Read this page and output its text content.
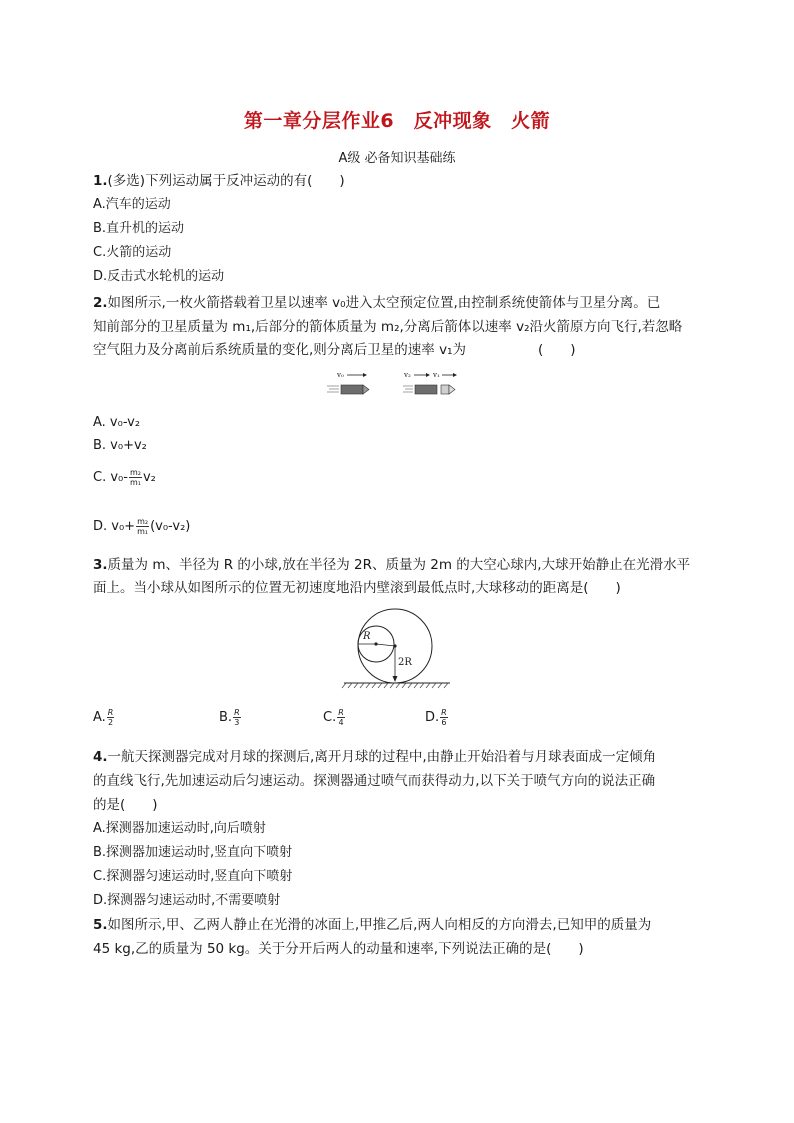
第一章分层作业6　反冲现象　火箭
A级 必备知识基础练
1.(多选)下列运动属于反冲运动的有(　　)
A.汽车的运动
B.直升机的运动
C.火箭的运动
D.反击式水轮机的运动
2.如图所示,一枚火箭搭载着卫星以速率 v₀进入太空预定位置,由控制系统使箭体与卫星分离。已
知前部分的卫星质量为 m₁,后部分的箭体质量为 m₂,分离后箭体以速率 v₂沿火箭原方向飞行,若忽略
空气阻力及分离前后系统质量的变化,则分离后卫星的速率 v₁为	(　　)
v₀	v₂	v₁
A. v₀-v₂
B. v₀+v₂
C. $v_0- \frac{\text{m₂}}{\text{m₁}} v_2$
D. $v_0+ \frac{\text{m₂}}{\text{m₁}} (v_0-v_2)$
3.质量为 m、半径为 R 的小球,放在半径为 2R、质量为 2m 的大空心球内,大球开始静止在光滑水平
面上。当小球从如图所示的位置无初速度地沿内壁滚到最低点时,大球移动的距离是(　　)
R
2R
A. $\frac{R}{2}$	B. $\frac{R}{3}$	C. $\frac{R}{4}$	D. $\frac{R}{6}$
4.一航天探测器完成对月球的探测后,离开月球的过程中,由静止开始沿着与月球表面成一定倾角
的直线飞行,先加速运动后匀速运动。探测器通过喷气而获得动力,以下关于喷气方向的说法正确
的是(　　)
A.探测器加速运动时,向后喷射
B.探测器加速运动时,竖直向下喷射
C.探测器匀速运动时,竖直向下喷射
D.探测器匀速运动时,不需要喷射
5.如图所示,甲、乙两人静止在光滑的冰面上,甲推乙后,两人向相反的方向滑去,已知甲的质量为
45 kg,乙的质量为 50 kg。关于分开后两人的动量和速率,下列说法正确的是(　　)
